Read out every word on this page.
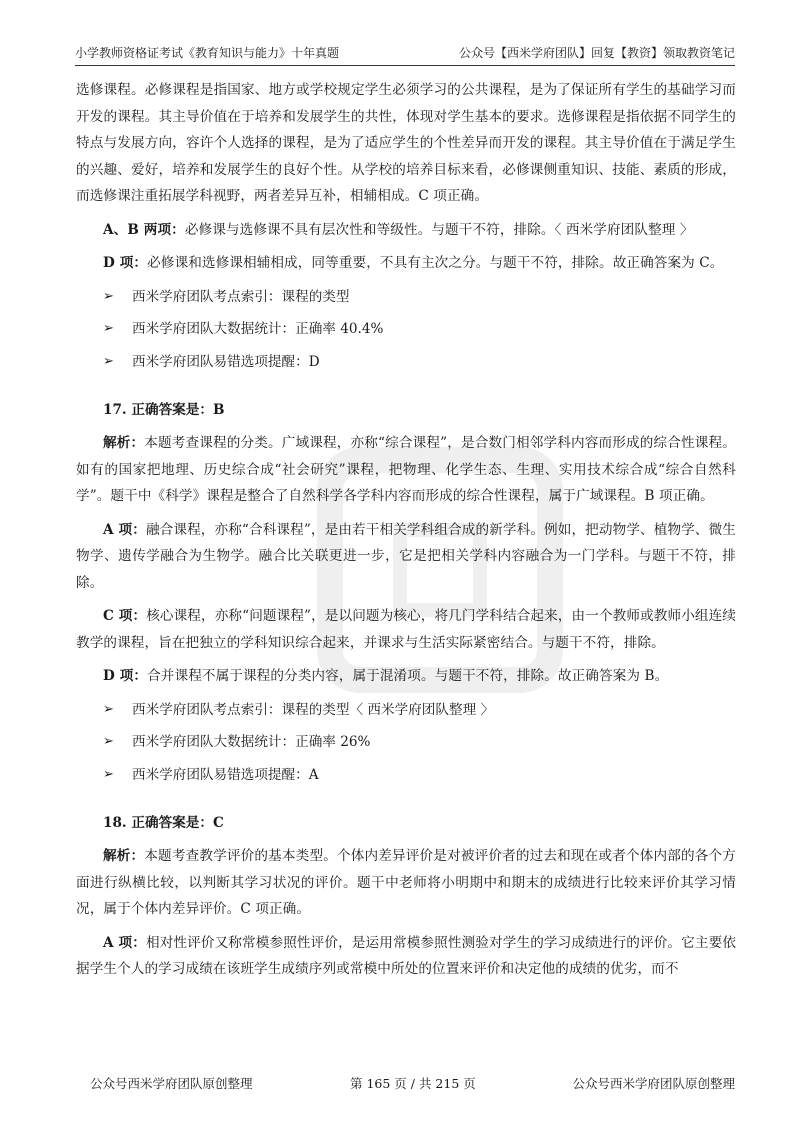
小学教师资格证考试《教育知识与能力》十年真题	公众号【西米学府团队】回复【教资】领取教资笔记

选修课程。必修课程是指国家、地方或学校规定学生必须学习的公共课程，是为了保证所有学生的基础学习而开发的课程。其主导价值在于培养和发展学生的共性，体现对学生基本的要求。选修课程是指依据不同学生的特点与发展方向，容许个人选择的课程，是为了适应学生的个性差异而开发的课程。其主导价值在于满足学生的兴趣、爱好，培养和发展学生的良好个性。从学校的培养目标来看，必修课侧重知识、技能、素质的形成，而选修课注重拓展学科视野，两者差异互补，相辅相成。C 项正确。

A、B 两项：必修课与选修课不具有层次性和等级性。与题干不符，排除。〈 西米学府团队整理 〉

D 项：必修课和选修课相辅相成，同等重要，不具有主次之分。与题干不符，排除。故正确答案为 C。

➢ 西米学府团队考点索引：课程的类型
➢ 西米学府团队大数据统计：正确率 40.4%
➢ 西米学府团队易错选项提醒：D
17. 正确答案是：B

解析：本题考查课程的分类。广域课程，亦称“综合课程”，是合数门相邻学科内容而形成的综合性课程。如有的国家把地理、历史综合成“社会研究”课程，把物理、化学生态、生理、实用技术综合成“综合自然科学”。题干中《科学》课程是整合了自然科学各学科内容而形成的综合性课程，属于广域课程。B 项正确。

A 项：融合课程，亦称“合科课程”，是由若干相关学科组合成的新学科。例如，把动物学、植物学、微生物学、遗传学融合为生物学。融合比关联更进一步，它是把相关学科内容融合为一门学科。与题干不符，排除。

C 项：核心课程，亦称“问题课程”，是以问题为核心，将几门学科结合起来，由一个教师或教师小组连续教学的课程，旨在把独立的学科知识综合起来，并课求与生活实际紧密结合。与题干不符，排除。

D 项：合并课程不属于课程的分类内容，属于混淆项。与题干不符，排除。故正确答案为 B。

➢ 西米学府团队考点索引：课程的类型〈 西米学府团队整理 〉
➢ 西米学府团队大数据统计：正确率 26%
➢ 西米学府团队易错选项提醒：A
18. 正确答案是：C

解析：本题考查教学评价的基本类型。个体内差异评价是对被评价者的过去和现在或者个体内部的各个方面进行纵横比较，以判断其学习状况的评价。题干中老师将小明期中和期末的成绩进行比较来评价其学习情况，属于个体内差异评价。C 项正确。

A 项：相对性评价又称常模参照性评价，是运用常模参照性测验对学生的学习成绩进行的评价。它主要依据学生个人的学习成绩在该班学生成绩序列或常模中所处的位置来评价和决定他的成绩的优劣，而不

公众号西米学府团队原创整理	第 165 页 / 共 215 页	公众号西米学府团队原创整理
